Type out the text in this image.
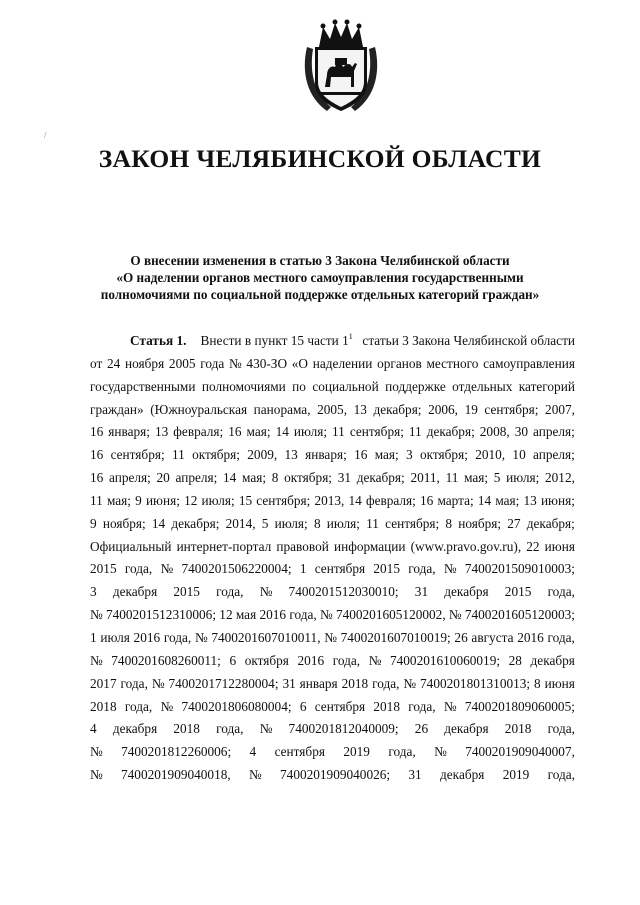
/
ЗАКОН ЧЕЛЯБИНСКОЙ ОБЛАСТИ
О внесении изменения в статью 3 Закона Челябинской области
«О наделении органов местного самоуправления государственными
полномочиями по социальной поддержке отдельных категорий граждан»
Статья 1. Внести в пункт 15 части $1^1$ статьи 3 Закона Челябинской области
от 24 ноября 2005 года № 430-ЗО «О наделении органов местного самоуправления
государственными полномочиями по социальной поддержке отдельных категорий
граждан» (Южноуральская панорама, 2005, 13 декабря; 2006, 19 сентября; 2007,
16 января; 13 февраля; 16 мая; 14 июля; 11 сентября; 11 декабря; 2008, 30 апреля;
16 сентября; 11 октября; 2009, 13 января; 16 мая; 3 октября; 2010, 10 апреля;
16 апреля; 20 апреля; 14 мая; 8 октября; 31 декабря; 2011, 11 мая; 5 июля; 2012,
11 мая; 9 июня; 12 июля; 15 сентября; 2013, 14 февраля; 16 марта; 14 мая; 13 июня;
9 ноября; 14 декабря; 2014, 5 июля; 8 июля; 11 сентября; 8 ноября; 27 декабря;
Официальный интернет-портал правовой информации (www.pravo.gov.ru), 22 июня
2015 года, № 7400201506220004; 1 сентября 2015 года, № 7400201509010003;
3 декабря 2015 года, № 7400201512030010; 31 декабря 2015 года,
№ 7400201512310006; 12 мая 2016 года, № 7400201605120002, № 7400201605120003;
1 июля 2016 года, № 7400201607010011, № 7400201607010019; 26 августа 2016 года,
№ 7400201608260011; 6 октября 2016 года, № 7400201610060019; 28 декабря
2017 года, № 7400201712280004; 31 января 2018 года, № 7400201801310013; 8 июня
2018 года, № 7400201806080004; 6 сентября 2018 года, № 7400201809060005;
4 декабря 2018 года, № 7400201812040009; 26 декабря 2018 года,
№ 7400201812260006; 4 сентября 2019 года, № 7400201909040007,
№ 7400201909040018, № 7400201909040026; 31 декабря 2019 года,
